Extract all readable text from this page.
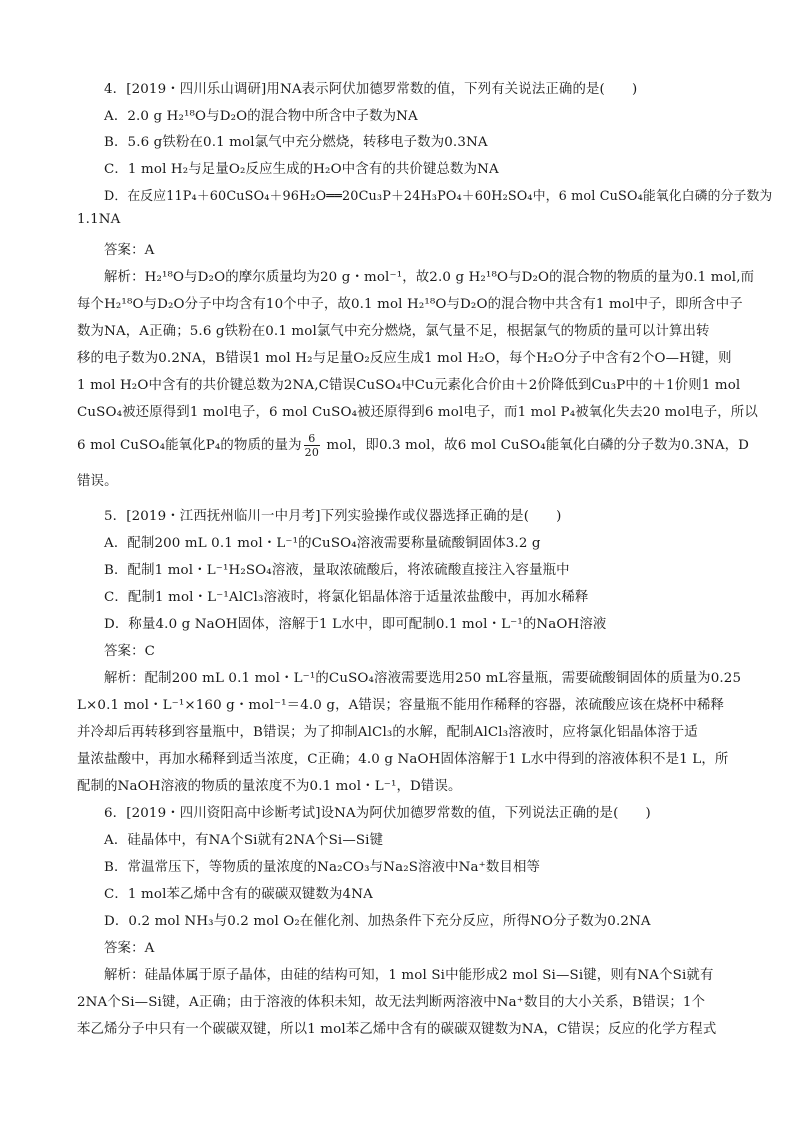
4．[2019・四川乐山调研]用NA表示阿伏加德罗常数的值，下列有关说法正确的是(　　)
A．2.0 g H₂¹⁸O与D₂O的混合物中所含中子数为NA
B．5.6 g铁粉在0.1 mol氯气中充分燃烧，转移电子数为0.3NA
C．1 mol H₂与足量O₂反应生成的H₂O中含有的共价键总数为NA
D．在反应11P₄＋60CuSO₄＋96H₂O══20Cu₃P＋24H₃PO₄＋60H₂SO₄中，6 mol CuSO₄能氧化白磷的分子数为
1.1NA
答案：A
解析：H₂¹⁸O与D₂O的摩尔质量均为20 g・mol⁻¹，故2.0 g H₂¹⁸O与D₂O的混合物的物质的量为0.1 mol,而
每个H₂¹⁸O与D₂O分子中均含有10个中子，故0.1 mol H₂¹⁸O与D₂O的混合物中共含有1 mol中子，即所含中子
数为NA，A正确；5.6 g铁粉在0.1 mol氯气中充分燃烧，氯气量不足，根据氯气的物质的量可以计算出转
移的电子数为0.2NA，B错误1 mol H₂与足量O₂反应生成1 mol H₂O，每个H₂O分子中含有2个O—H键，则
1 mol H₂O中含有的共价键总数为2NA,C错误CuSO₄中Cu元素化合价由＋2价降低到Cu₃P中的＋1价则1 mol
CuSO₄被还原得到1 mol电子，6 mol CuSO₄被还原得到6 mol电子，而1 mol P₄被氧化失去20 mol电子，所以
6 mol CuSO₄能氧化P₄的物质的量为 $\frac{6}{20}$ mol，即0.3 mol，故6 mol CuSO₄能氧化白磷的分子数为0.3NA，D
错误。
5．[2019・江西抚州临川一中月考]下列实验操作或仪器选择正确的是(　　)
A．配制200 mL 0.1 mol・L⁻¹的CuSO₄溶液需要称量硫酸铜固体3.2 g
B．配制1 mol・L⁻¹H₂SO₄溶液，量取浓硫酸后，将浓硫酸直接注入容量瓶中
C．配制1 mol・L⁻¹AlCl₃溶液时，将氯化铝晶体溶于适量浓盐酸中，再加水稀释
D．称量4.0 g NaOH固体，溶解于1 L水中，即可配制0.1 mol・L⁻¹的NaOH溶液
答案：C
解析：配制200 mL 0.1 mol・L⁻¹的CuSO₄溶液需要选用250 mL容量瓶，需要硫酸铜固体的质量为0.25
L×0.1 mol・L⁻¹×160 g・mol⁻¹＝4.0 g，A错误；容量瓶不能用作稀释的容器，浓硫酸应该在烧杯中稀释
并冷却后再转移到容量瓶中，B错误；为了抑制AlCl₃的水解，配制AlCl₃溶液时，应将氯化铝晶体溶于适
量浓盐酸中，再加水稀释到适当浓度，C正确；4.0 g NaOH固体溶解于1 L水中得到的溶液体积不是1 L，所
配制的NaOH溶液的物质的量浓度不为0.1 mol・L⁻¹，D错误。
6．[2019・四川资阳高中诊断考试]设NA为阿伏加德罗常数的值，下列说法正确的是(　　)
A．硅晶体中，有NA个Si就有2NA个Si—Si键
B．常温常压下，等物质的量浓度的Na₂CO₃与Na₂S溶液中Na⁺数目相等
C．1 mol苯乙烯中含有的碳碳双键数为4NA
D．0.2 mol NH₃与0.2 mol O₂在催化剂、加热条件下充分反应，所得NO分子数为0.2NA
答案：A
解析：硅晶体属于原子晶体，由硅的结构可知，1 mol Si中能形成2 mol Si—Si键，则有NA个Si就有
2NA个Si—Si键，A正确；由于溶液的体积未知，故无法判断两溶液中Na⁺数目的大小关系，B错误；1个
苯乙烯分子中只有一个碳碳双键，所以1 mol苯乙烯中含有的碳碳双键数为NA，C错误；反应的化学方程式
